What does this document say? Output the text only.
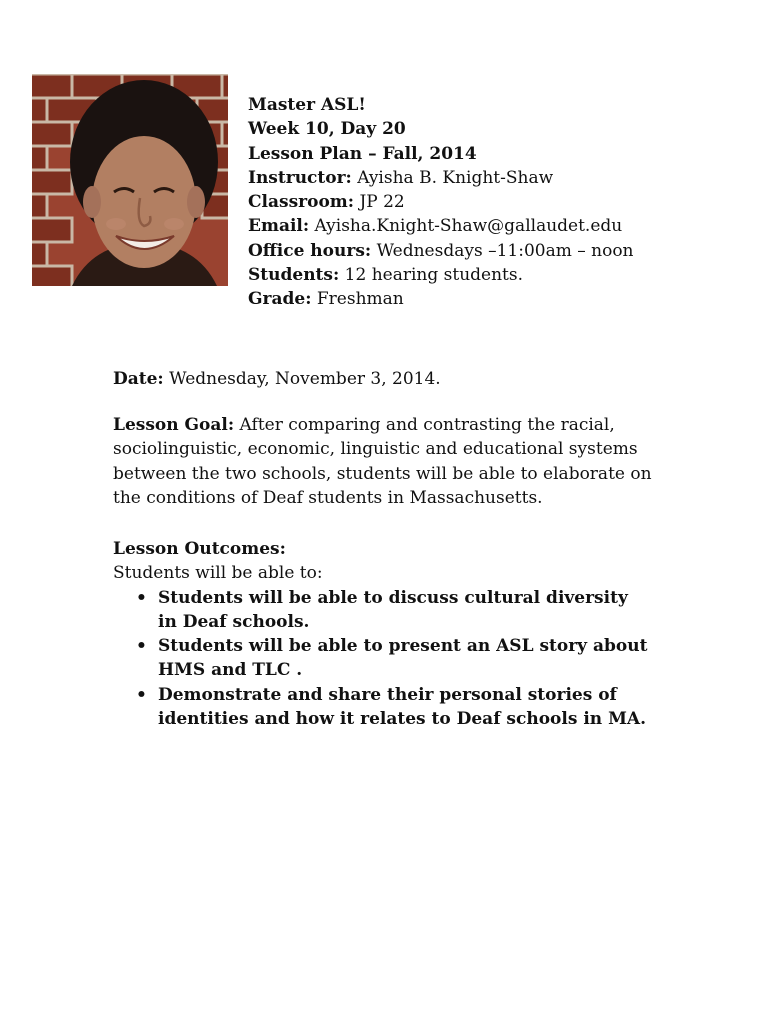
Master ASL!
Week 10, Day 20
Lesson Plan – Fall, 2014
Instructor: Ayisha B. Knight-Shaw
Classroom: JP 22
Email: Ayisha.Knight-Shaw@gallaudet.edu
Office hours: Wednesdays –11:00am – noon
Students: 12 hearing students.
Grade: Freshman
Date: Wednesday, November 3, 2014.
Lesson Goal: After comparing and contrasting the racial, sociolinguistic, economic, linguistic and educational systems between the two schools, students will be able to elaborate on the conditions of Deaf students in Massachusetts.
Lesson Outcomes:
Students will be able to:
• Students will be able to discuss cultural diversity in Deaf schools.
• Students will be able to present an ASL story about HMS and TLC .
• Demonstrate and share their personal stories of identities and how it relates to Deaf schools in MA.
